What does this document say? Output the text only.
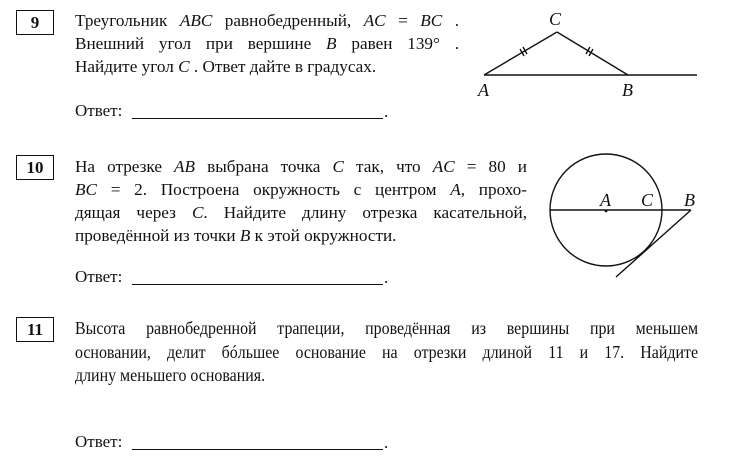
9	Треугольник ABC равнобедренный, AC = BC .
Внешний угол при вершине B равен 139° .
Найдите угол C . Ответ дайте в градусах.
Ответ:	.
C
A	B
10	На отрезке AB выбрана точка C так, что AC = 80 и
BC = 2. Построена окружность с центром A, прохо-
дящая через C. Найдите длину отрезка касательной,
проведённой из точки B к этой окружности.
Ответ:	.
A C B
11	Высота равнобедренной трапеции, проведённая из вершины при меньшем
основании, делит бóльшее основание на отрезки длиной 11 и 17. Найдите
длину меньшего основания.
Ответ:	.
